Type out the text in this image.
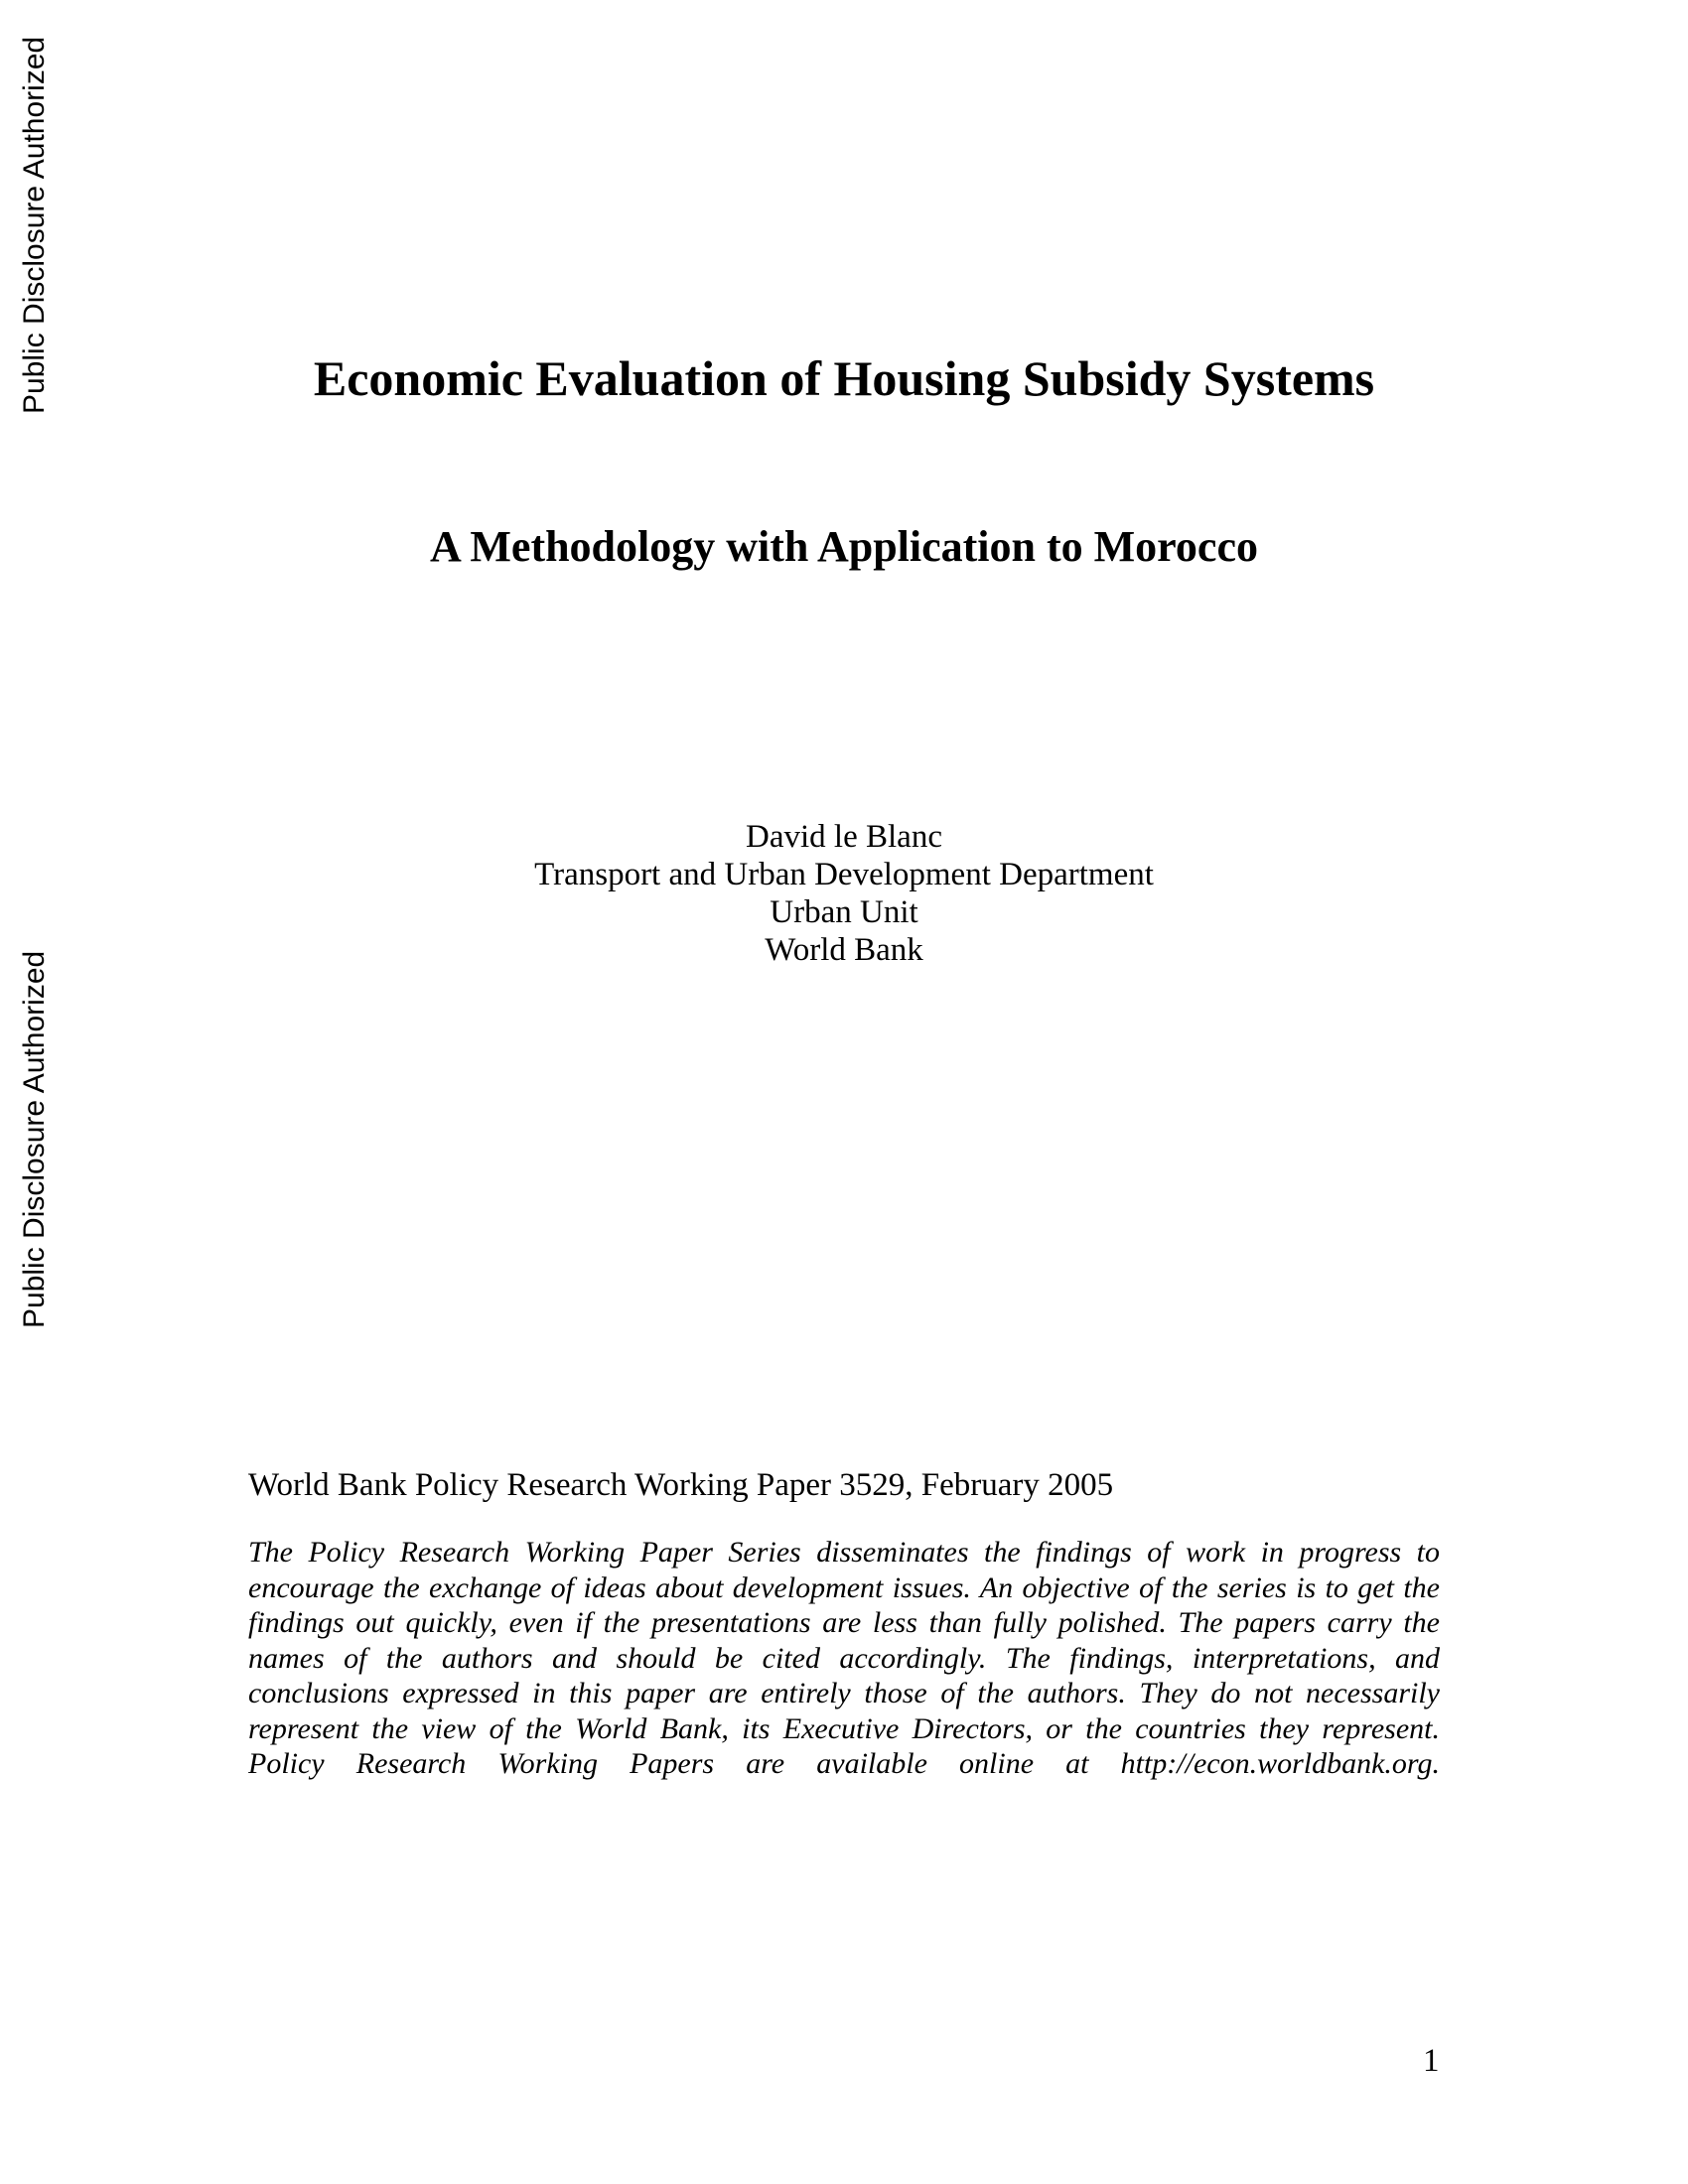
Public Disclosure Authorized
Public Disclosure Authorized
Economic Evaluation of Housing Subsidy Systems
A Methodology with Application to Morocco
David le Blanc
Transport and Urban Development Department
Urban Unit
World Bank
World Bank Policy Research Working Paper 3529, February 2005

The Policy Research Working Paper Series disseminates the findings of work in progress to encourage the exchange of ideas about development issues. An objective of the series is to get the findings out quickly, even if the presentations are less than fully polished. The papers carry the names of the authors and should be cited accordingly. The findings, interpretations, and conclusions expressed in this paper are entirely those of the authors. They do not necessarily represent the view of the World Bank, its Executive Directors, or the countries they represent. Policy Research Working Papers are available online at http://econ.worldbank.org.

1
